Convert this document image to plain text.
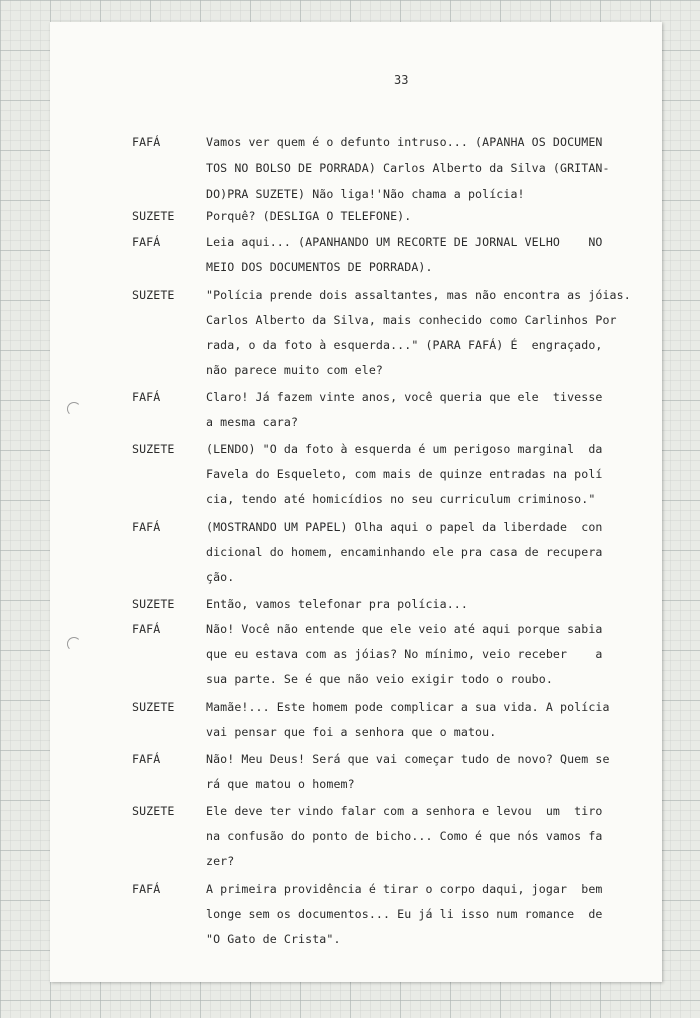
33

FAFÁ	Vamos ver quem é o defunto intruso... (APANHA OS DOCUMEN

TOS NO BOLSO DE PORRADA) Carlos Alberto da Silva (GRITAN-

DO)PRA SUZETE) Não liga!'Não chama a polícia!

SUZETE	Porquê? (DESLIGA O TELEFONE).

FAFÁ	Leia aqui... (APANHANDO UM RECORTE DE JORNAL VELHO    NO

MEIO DOS DOCUMENTOS DE PORRADA).

SUZETE	"Polícia prende dois assaltantes, mas não encontra as jóias.

Carlos Alberto da Silva, mais conhecido como Carlinhos Por

rada, o da foto à esquerda..." (PARA FAFÁ) É  engraçado,

não parece muito com ele?

FAFÁ	Claro! Já fazem vinte anos, você queria que ele  tivesse

a mesma cara?

SUZETE	(LENDO) "O da foto à esquerda é um perigoso marginal  da

Favela do Esqueleto, com mais de quinze entradas na polí

cia, tendo até homicídios no seu curriculum criminoso."

FAFÁ	(MOSTRANDO UM PAPEL) Olha aqui o papel da liberdade  con

dicional do homem, encaminhando ele pra casa de recupera

ção.

SUZETE	Então, vamos telefonar pra polícia...

FAFÁ	Não! Você não entende que ele veio até aqui porque sabia

que eu estava com as jóias? No mínimo, veio receber    a

sua parte. Se é que não veio exigir todo o roubo.

SUZETE	Mamãe!... Este homem pode complicar a sua vida. A polícia

vai pensar que foi a senhora que o matou.

FAFÁ	Não! Meu Deus! Será que vai começar tudo de novo? Quem se

rá que matou o homem?

SUZETE	Ele deve ter vindo falar com a senhora e levou  um  tiro

na confusão do ponto de bicho... Como é que nós vamos fa

zer?

FAFÁ	A primeira providência é tirar o corpo daqui, jogar  bem

longe sem os documentos... Eu já li isso num romance  de

"O Gato de Crista".
